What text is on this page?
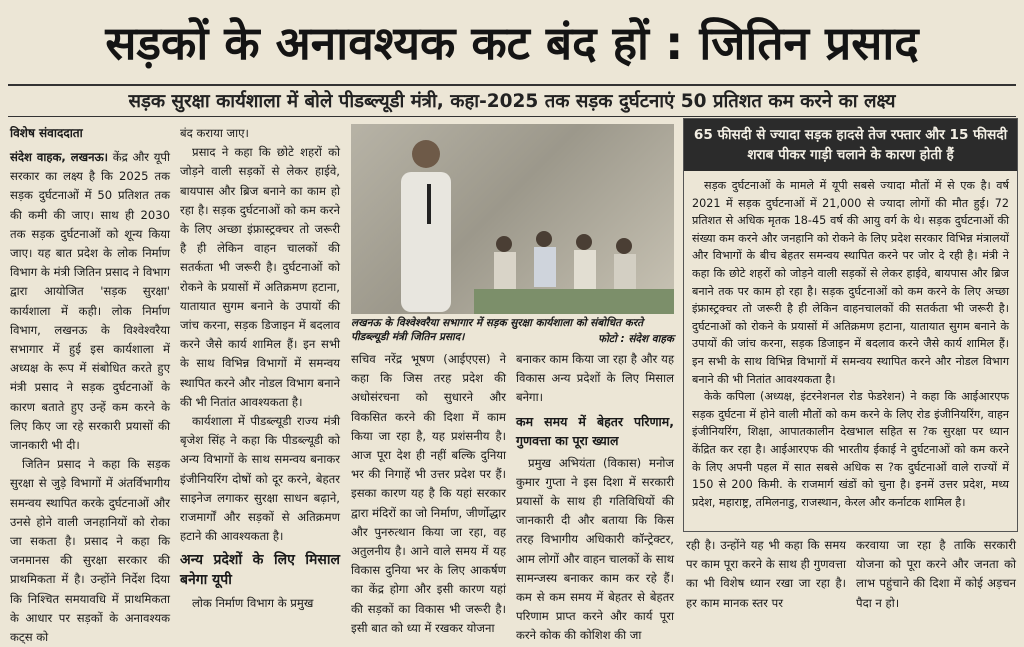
सड़कों के अनावश्यक कट बंद हों : जितिन प्रसाद
सड़क सुरक्षा कार्यशाला में बोले पीडब्ल्यूडी मंत्री, कहा-2025 तक सड़क दुर्घटनाएं 50 प्रतिशत कम करने का लक्ष्य
विशेष संवाददाता

संदेश वाहक, लखनऊ। केंद्र और यूपी सरकार का लक्ष्य है कि 2025 तक सड़क दुर्घटनाओं में 50 प्रतिशत तक की कमी की जाए। साथ ही 2030 तक सड़क दुर्घटनाओं को शून्य किया जाए। यह बात प्रदेश के लोक निर्माण विभाग के मंत्री जितिन प्रसाद ने विभाग द्वारा आयोजित 'सड़क सुरक्षा' कार्यशाला में कही। लोक निर्माण विभाग, लखनऊ के विश्वेश्वरैया सभागार में हुई इस कार्यशाला में अध्यक्ष के रूप में संबोधित करते हुए मंत्री प्रसाद ने सड़क दुर्घटनाओं के कारण बताते हुए उन्हें कम करने के लिए किए जा रहे सरकारी प्रयासों की जानकारी भी दी।

जितिन प्रसाद ने कहा कि सड़क सुरक्षा से जुड़े विभागों में अंतर्विभागीय समन्वय स्थापित करके दुर्घटनाओं और उनसे होने वाली जनहानियों को रोका जा सकता है। प्रसाद ने कहा कि जनमानस की सुरक्षा सरकार की प्राथमिकता में है। उन्होंने निर्देश दिया कि निश्चित समयावधि में प्राथमिकता के आधार पर सड़कों के अनावश्यक कट्स को

बंद कराया जाए।

प्रसाद ने कहा कि छोटे शहरों को जोड़ने वाली सड़कों से लेकर हाईवे, बायपास और ब्रिज बनाने का काम हो रहा है। सड़क दुर्घटनाओं को कम करने के लिए अच्छा इंफ्रास्ट्रक्चर तो जरूरी है ही लेकिन वाहन चालकों की सतर्कता भी जरूरी है। दुर्घटनाओं को रोकने के प्रयासों में अतिक्रमण हटाना, यातायात सुगम बनाने के उपायों की जांच करना, सड़क डिजाइन में बदलाव करने जैसे कार्य शामिल हैं। इन सभी के साथ विभिन्न विभागों में समन्वय स्थापित करने और नोडल विभाग बनाने की भी नितांत आवश्यकता है।

कार्यशाला में पीडब्ल्यूडी राज्य मंत्री बृजेश सिंह ने कहा कि पीडब्ल्यूडी को अन्य विभागों के साथ समन्वय बनाकर इंजीनियरिंग दोषों को दूर करने, बेहतर साइनेज लगाकर सुरक्षा साधन बढ़ाने, राजमार्गों और सड़कों से अतिक्रमण हटाने की आवश्यकता है।

अन्य प्रदेशों के लिए मिसाल बनेगा यूपी

लोक निर्माण विभाग के प्रमुख

लखनऊ के विश्वेश्वरैया सभागार में सड़क सुरक्षा कार्यशाला को संबोधित करते पीडब्ल्यूडी मंत्री जितिन प्रसाद।	फोटो : संदेश वाहक

सचिव नरेंद्र भूषण (आईएएस) ने कहा कि जिस तरह प्रदेश की अधोसंरचना को सुधारने और विकसित करने की दिशा में काम किया जा रहा है, यह प्रशंसनीय है। आज पूरा देश ही नहीं बल्कि दुनिया भर की निगाहें भी उत्तर प्रदेश पर हैं। इसका कारण यह है कि यहां सरकार द्वारा मंदिरों का जो निर्माण, जीर्णोद्धार और पुनरुत्थान किया जा रहा, वह अतुलनीय है। आने वाले समय में यह विकास दुनिया भर के लिए आकर्षण का केंद्र होगा और इसी कारण यहां की सड़कों का विकास भी जरूरी है। इसी बात को ध्या में रखकर योजना

बनाकर काम किया जा रहा है और यह विकास अन्य प्रदेशों के लिए मिसाल बनेगा।

कम समय में बेहतर परिणाम, गुणवत्ता का पूरा ख्याल

प्रमुख अभियंता (विकास) मनोज कुमार गुप्ता ने इस दिशा में सरकारी प्रयासों के साथ ही गतिविधियों की जानकारी दी और बताया कि किस तरह विभागीय अधिकारी कॉन्ट्रेक्टर, आम लोगों और वाहन चालकों के साथ सामन्जस्य बनाकर काम कर रहे हैं। कम से कम समय में बेहतर से बेहतर परिणाम प्राप्त करने और कार्य पूरा करने कोक की कोशिश की जा

65 फीसदी से ज्यादा सड़क हादसे तेज रफ्तार और 15 फीसदी शराब पीकर गाड़ी चलाने के कारण होती हैं

सड़क दुर्घटनाओं के मामले में यूपी सबसे ज्यादा मौतों में से एक है। वर्ष 2021 में सड़क दुर्घटनाओं में 21,000 से ज्यादा लोगों की मौत हुई। 72 प्रतिशत से अधिक मृतक 18-45 वर्ष की आयु वर्ग के थे। सड़क दुर्घटनाओं की संख्या कम करने और जनहानि को रोकने के लिए प्रदेश सरकार विभिन्न मंत्रालयों और विभागों के बीच बेहतर समन्वय स्थापित करने पर जोर दे रही है। मंत्री ने कहा कि छोटे शहरों को जोड़ने वाली सड़कों से लेकर हाईवे, बायपास और ब्रिज बनाने तक पर काम हो रहा है। सड़क दुर्घटनाओं को कम करने के लिए अच्छा इंफ्रास्ट्रक्चर तो जरूरी है ही लेकिन वाहनचालकों की सतर्कता भी जरूरी है। दुर्घटनाओं को रोकने के प्रयासों में अतिक्रमण हटाना, यातायात सुगम बनाने के उपायों की जांच करना, सड़क डिजाइन में बदलाव करने जैसे कार्य शामिल हैं। इन सभी के साथ विभिन्न विभागों में समन्वय स्थापित करने और नोडल विभाग बनाने की भी नितांत आवश्यकता है।

केके कपिला (अध्यक्ष, इंटरनेशनल रोड फेडरेशन) ने कहा कि आईआरएफ सड़क दुर्घटना में होने वाली मौतों को कम करने के लिए रोड इंजीनियरिंग, वाहन इंजीनियरिंग, शिक्षा, आपातकालीन देखभाल सहित स ?क सुरक्षा पर ध्यान केंद्रित कर रहा है। आईआरएफ की भारतीय ईकाई ने दुर्घटनाओं को कम करने के लिए अपनी पहल में सात सबसे अधिक स ?क दुर्घटनाओं वाले राज्यों में 150 से 200 किमी. के राजमार्ग खंडों को चुना है। इनमें उत्तर प्रदेश, मध्य प्रदेश, महाराष्ट्र, तमिलनाडु, राजस्थान, केरल और कर्नाटक शामिल है।

रही है। उन्होंने यह भी कहा कि समय पर काम पूरा करने के साथ ही गुणवत्ता का भी विशेष ध्यान रखा जा रहा है। हर काम मानक स्तर पर

करवाया जा रहा है ताकि सरकारी योजना को पूरा करने और जनता को लाभ पहुंचाने की दिशा में कोई अड़चन पैदा न हो।
